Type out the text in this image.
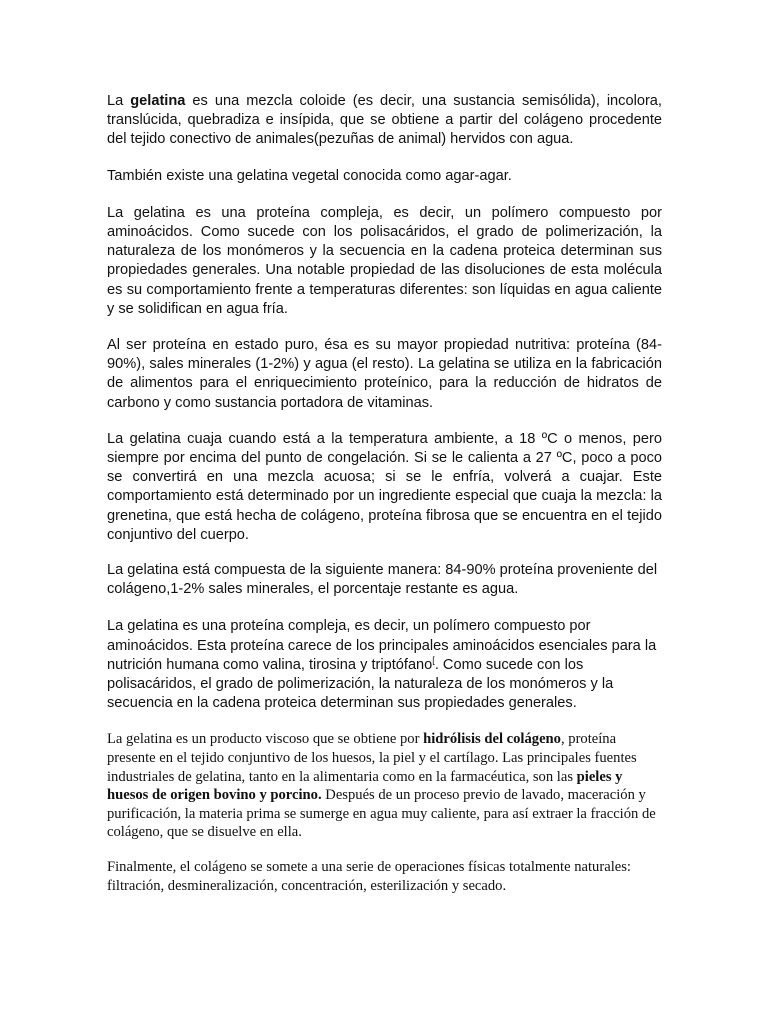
La gelatina es una mezcla coloide (es decir, una sustancia semisólida), incolora, translúcida, quebradiza e insípida, que se obtiene a partir del colágeno procedente del tejido conectivo de animales(pezuñas de animal) hervidos con agua.

También existe una gelatina vegetal conocida como agar-agar.

La gelatina es una proteína compleja, es decir, un polímero compuesto por aminoácidos. Como sucede con los polisacáridos, el grado de polimerización, la naturaleza de los monómeros y la secuencia en la cadena proteica determinan sus propiedades generales. Una notable propiedad de las disoluciones de esta molécula es su comportamiento frente a temperaturas diferentes: son líquidas en agua caliente y se solidifican en agua fría.

Al ser proteína en estado puro, ésa es su mayor propiedad nutritiva: proteína (84-90%), sales minerales (1-2%) y agua (el resto). La gelatina se utiliza en la fabricación de alimentos para el enriquecimiento proteínico, para la reducción de hidratos de carbono y como sustancia portadora de vitaminas.

La gelatina cuaja cuando está a la temperatura ambiente, a 18 ºC o menos, pero siempre por encima del punto de congelación. Si se le calienta a 27 ºC, poco a poco se convertirá en una mezcla acuosa; si se le enfría, volverá a cuajar. Este comportamiento está determinado por un ingrediente especial que cuaja la mezcla: la grenetina, que está hecha de colágeno, proteína fibrosa que se encuentra en el tejido conjuntivo del cuerpo.

La gelatina está compuesta de la siguiente manera: 84-90% proteína proveniente del colágeno,1-2% sales minerales, el porcentaje restante es agua.

La gelatina es una proteína compleja, es decir, un polímero compuesto por aminoácidos. Esta proteína carece de los principales aminoácidos esenciales para la nutrición humana como valina, tirosina y triptófano[. Como sucede con los polisacáridos, el grado de polimerización, la naturaleza de los monómeros y la secuencia en la cadena proteica determinan sus propiedades generales.

La gelatina es un producto viscoso que se obtiene por hidrólisis del colágeno, proteína presente en el tejido conjuntivo de los huesos, la piel y el cartílago. Las principales fuentes industriales de gelatina, tanto en la alimentaria como en la farmacéutica, son las pieles y huesos de origen bovino y porcino. Después de un proceso previo de lavado, maceración y purificación, la materia prima se sumerge en agua muy caliente, para así extraer la fracción de colágeno, que se disuelve en ella.

Finalmente, el colágeno se somete a una serie de operaciones físicas totalmente naturales: filtración, desmineralización, concentración, esterilización y secado.
